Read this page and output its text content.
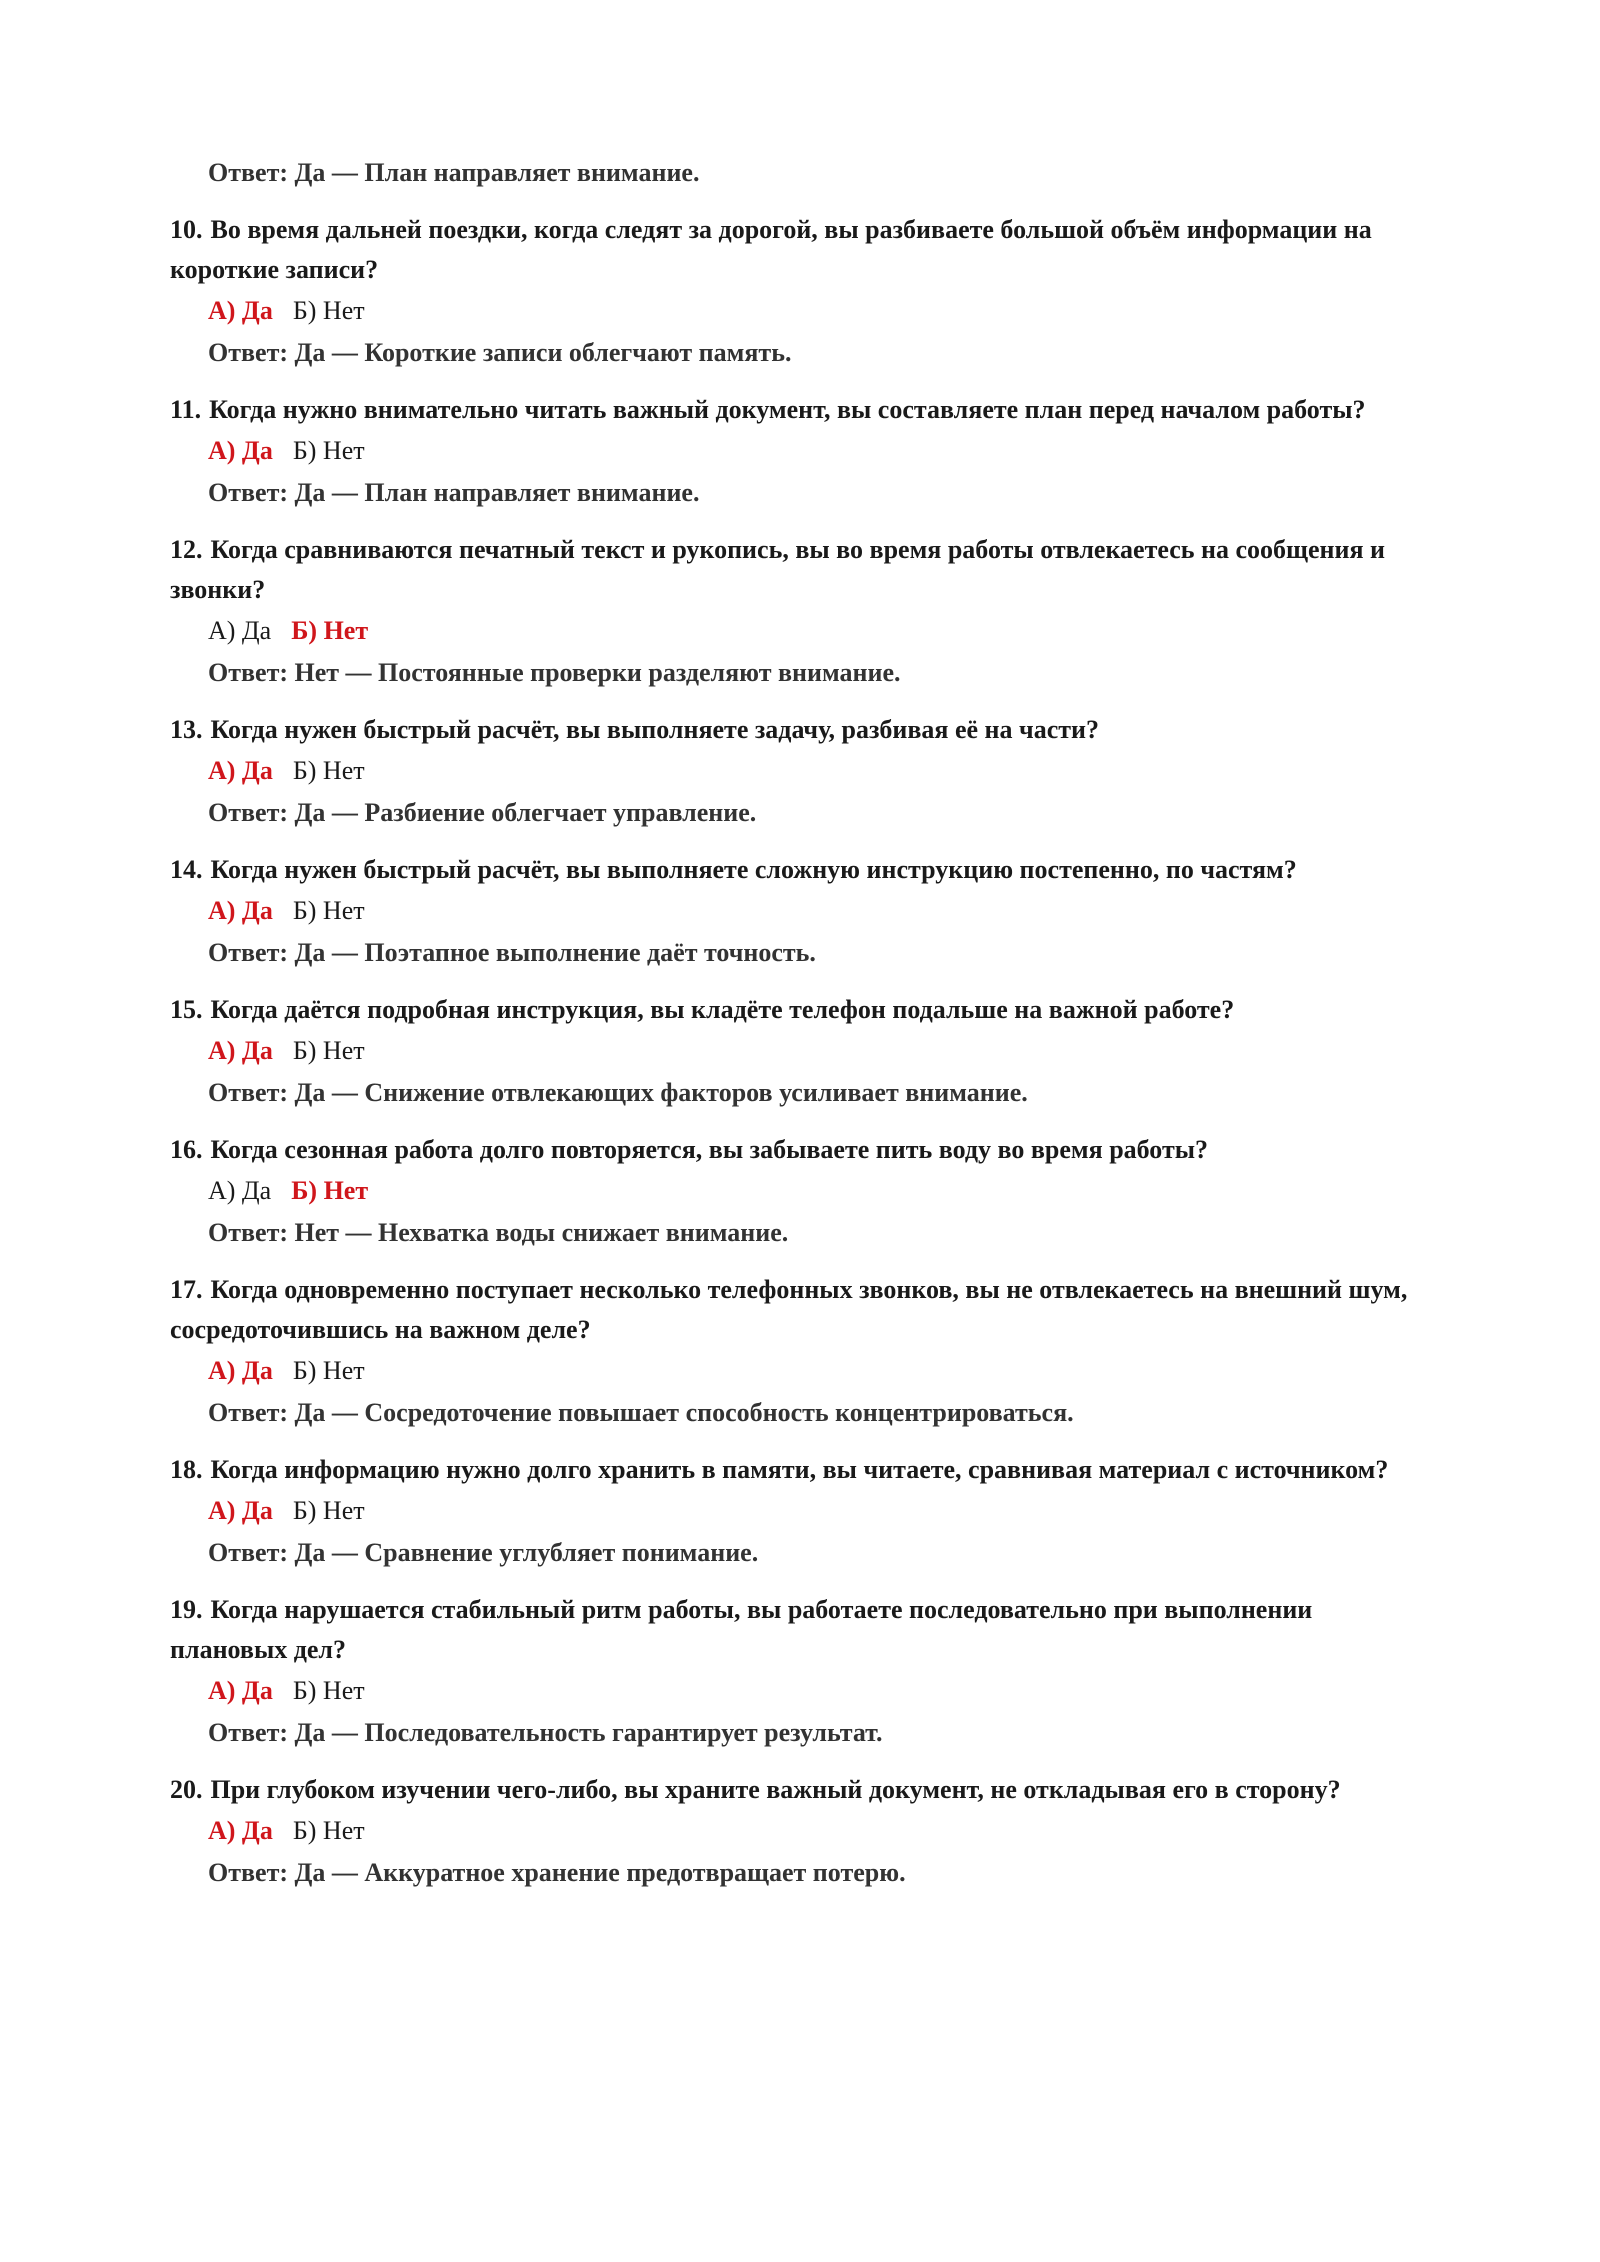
Ответ: Да — План направляет внимание.
10. Во время дальней поездки, когда следят за дорогой, вы разбиваете большой объём информации на короткие записи?
А) Да Б) Нет
Ответ: Да — Короткие записи облегчают память.
11. Когда нужно внимательно читать важный документ, вы составляете план перед началом работы?
А) Да Б) Нет
Ответ: Да — План направляет внимание.
12. Когда сравниваются печатный текст и рукопись, вы во время работы отвлекаетесь на сообщения и звонки?
А) Да Б) Нет
Ответ: Нет — Постоянные проверки разделяют внимание.
13. Когда нужен быстрый расчёт, вы выполняете задачу, разбивая её на части?
А) Да Б) Нет
Ответ: Да — Разбиение облегчает управление.
14. Когда нужен быстрый расчёт, вы выполняете сложную инструкцию постепенно, по частям?
А) Да Б) Нет
Ответ: Да — Поэтапное выполнение даёт точность.
15. Когда даётся подробная инструкция, вы кладёте телефон подальше на важной работе?
А) Да Б) Нет
Ответ: Да — Снижение отвлекающих факторов усиливает внимание.
16. Когда сезонная работа долго повторяется, вы забываете пить воду во время работы?
А) Да Б) Нет
Ответ: Нет — Нехватка воды снижает внимание.
17. Когда одновременно поступает несколько телефонных звонков, вы не отвлекаетесь на внешний шум, сосредоточившись на важном деле?
А) Да Б) Нет
Ответ: Да — Сосредоточение повышает способность концентрироваться.
18. Когда информацию нужно долго хранить в памяти, вы читаете, сравнивая материал с источником?
А) Да Б) Нет
Ответ: Да — Сравнение углубляет понимание.
19. Когда нарушается стабильный ритм работы, вы работаете последовательно при выполнении плановых дел?
А) Да Б) Нет
Ответ: Да — Последовательность гарантирует результат.
20. При глубоком изучении чего-либо, вы храните важный документ, не откладывая его в сторону?
А) Да Б) Нет
Ответ: Да — Аккуратное хранение предотвращает потерю.
